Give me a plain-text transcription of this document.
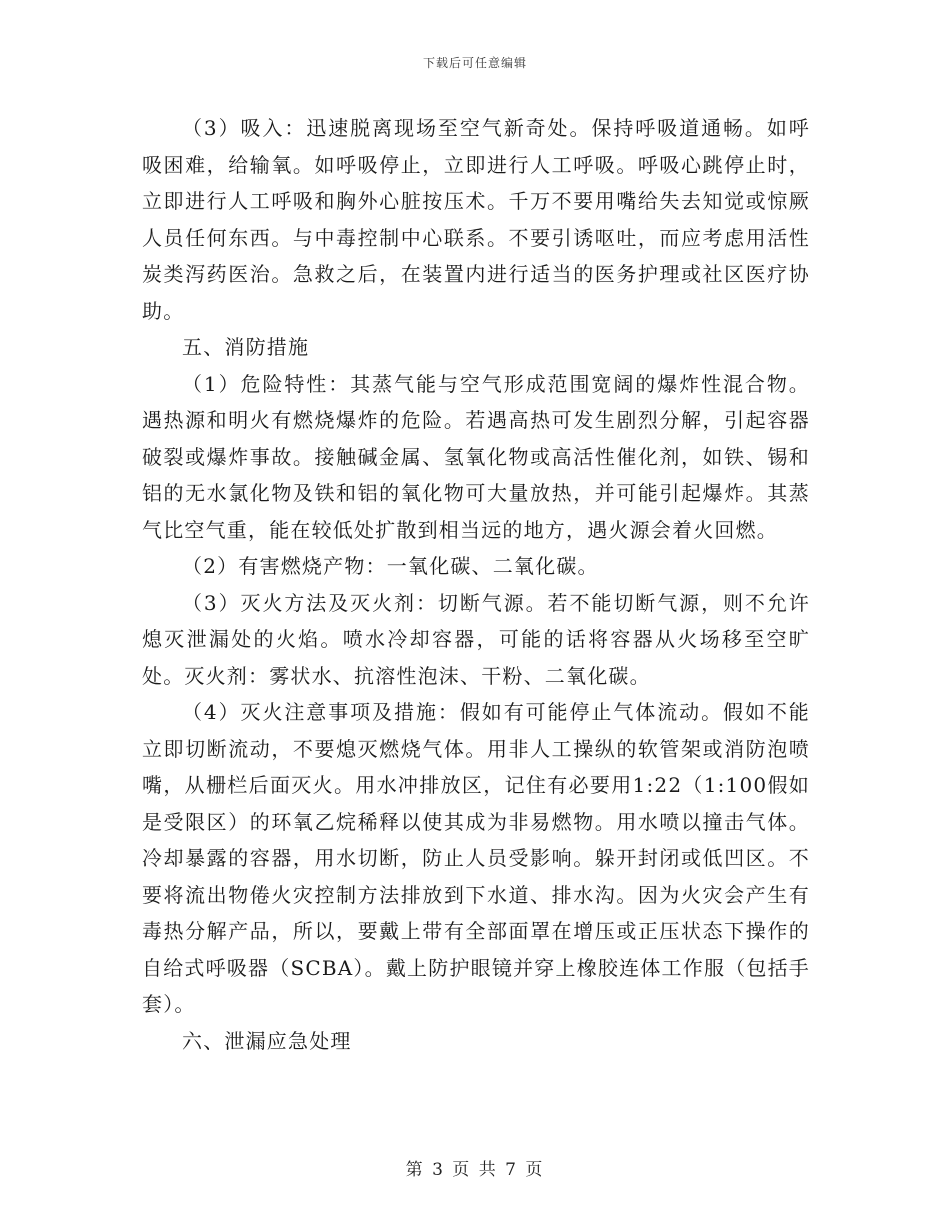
下载后可任意编辑

（3）吸入：迅速脱离现场至空气新奇处。保持呼吸道通畅。如呼吸困难，给输氧。如呼吸停止，立即进行人工呼吸。呼吸心跳停止时，立即进行人工呼吸和胸外心脏按压术。千万不要用嘴给失去知觉或惊厥人员任何东西。与中毒控制中心联系。不要引诱呕吐，而应考虑用活性炭类泻药医治。急救之后，在装置内进行适当的医务护理或社区医疗协助。

五、消防措施

（1）危险特性：其蒸气能与空气形成范围宽阔的爆炸性混合物。遇热源和明火有燃烧爆炸的危险。若遇高热可发生剧烈分解，引起容器破裂或爆炸事故。接触碱金属、氢氧化物或高活性催化剂，如铁、锡和铝的无水氯化物及铁和铝的氧化物可大量放热，并可能引起爆炸。其蒸气比空气重，能在较低处扩散到相当远的地方，遇火源会着火回燃。

（2）有害燃烧产物：一氧化碳、二氧化碳。

（3）灭火方法及灭火剂：切断气源。若不能切断气源，则不允许熄灭泄漏处的火焰。喷水冷却容器，可能的话将容器从火场移至空旷处。灭火剂：雾状水、抗溶性泡沫、干粉、二氧化碳。

（4）灭火注意事项及措施：假如有可能停止气体流动。假如不能立即切断流动，不要熄灭燃烧气体。用非人工操纵的软管架或消防泡喷嘴，从栅栏后面灭火。用水冲排放区，记住有必要用1:22（1:100假如是受限区）的环氧乙烷稀释以使其成为非易燃物。用水喷以撞击气体。冷却暴露的容器，用水切断，防止人员受影响。躲开封闭或低凹区。不要将流出物倦火灾控制方法排放到下水道、排水沟。因为火灾会产生有毒热分解产品，所以，要戴上带有全部面罩在增压或正压状态下操作的自给式呼吸器（SCBA）。戴上防护眼镜并穿上橡胶连体工作服（包括手套）。

六、泄漏应急处理

第 3 页 共 7 页
